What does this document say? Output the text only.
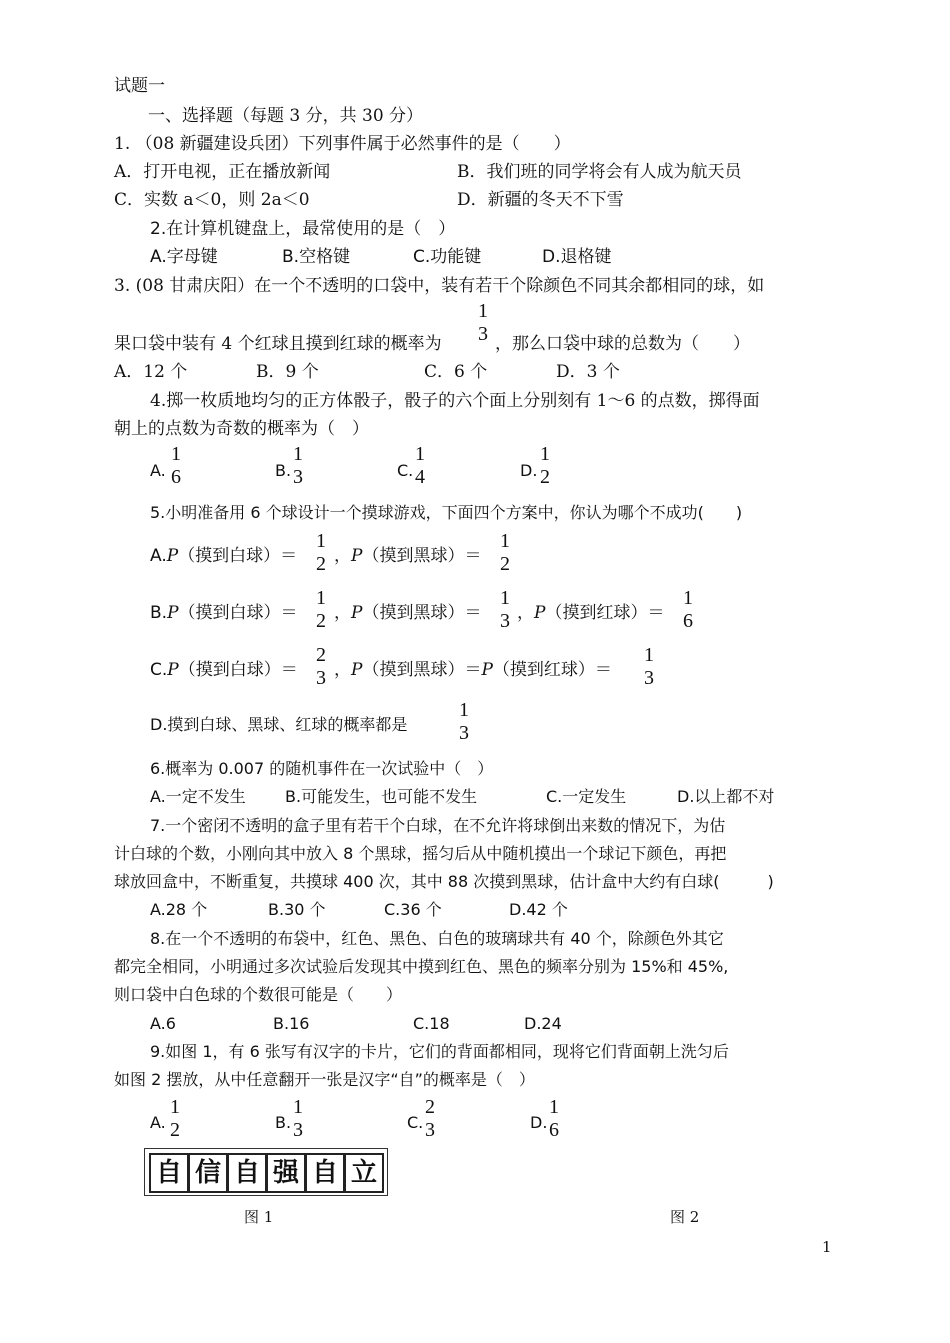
试题一
一、选择题（每题 3 分，共 30 分）
1. （08 新疆建设兵团）下列事件属于必然事件的是（　　）
A．打开电视，正在播放新闻	B．我们班的同学将会有人成为航天员
C．实数 a＜0，则 2a＜0	D．新疆的冬天不下雪
2.在计算机键盘上，最常使用的是（　）
A.字母键	B.空格键	C.功能键	D.退格键
3. (08 甘肃庆阳）在一个不透明的口袋中，装有若干个除颜色不同其余都相同的球，如
果口袋中装有 4 个红球且摸到红球的概率为
1
3 ，那么口袋中球的总数为（　　）
A．12 个	B．9 个	C．6 个	D．3 个
4.掷一枚质地均匀的正方体骰子，骰子的六个面上分别刻有 1～6 的点数，掷得面
朝上的点数为奇数的概率为（　）
A.
1
6	B.
1
3	C.
1
4	D.
1
2
5.小明准备用 6 个球设计一个摸球游戏，下面四个方案中，你认为哪个不成功(　　)
A.P（摸到白球）＝
1
2 ，P（摸到黑球）＝
1
2
B.P（摸到白球）＝
1
2 ，P（摸到黑球）＝
1
3 ，P（摸到红球）＝
1
6
C.P（摸到白球）＝
2
3 ，P（摸到黑球）＝P（摸到红球）＝
1
3
D.摸到白球、黑球、红球的概率都是
1
3
6.概率为 0.007 的随机事件在一次试验中（　）
A.一定不发生 B.可能发生，也可能不发生	C.一定发生	D.以上都不对
7.一个密闭不透明的盒子里有若干个白球，在不允许将球倒出来数的情况下，为估
计白球的个数，小刚向其中放入 8 个黑球，摇匀后从中随机摸出一个球记下颜色，再把
球放回盒中，不断重复，共摸球 400 次，其中 88 次摸到黑球，估计盒中大约有白球(　　　)
A.28 个	B.30 个	C.36 个	D.42 个
8.在一个不透明的布袋中，红色、黑色、白色的玻璃球共有 40 个，除颜色外其它
都完全相同，小明通过多次试验后发现其中摸到红色、黑色的频率分别为 15%和 45%,
则口袋中白色球的个数很可能是（　　）
A.6	B.16	C.18	D.24
9.如图 1，有 6 张写有汉字的卡片，它们的背面都相同，现将它们背面朝上洗匀后
如图 2 摆放，从中任意翻开一张是汉字“自”的概率是（　）
A.
1
2	B.
1
3	C.
2
3	D.
1
6
自 信 自 强 自 立
图 1	图 2
1
